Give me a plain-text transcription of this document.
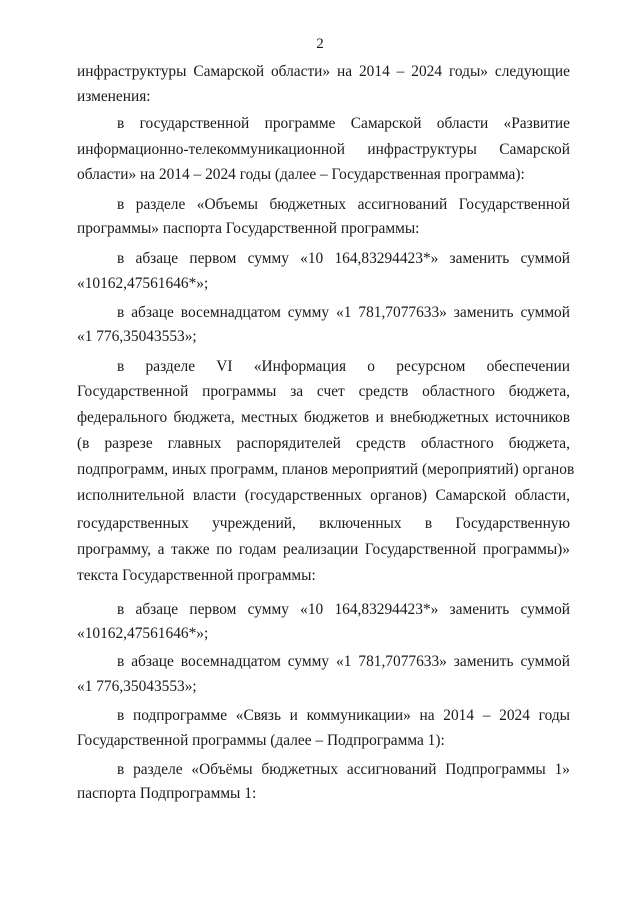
2
инфраструктуры Самарской области» на 2014 – 2024 годы» следующие
изменения:
в государственной программе Самарской области «Развитие
информационно-телекоммуникационной инфраструктуры Самарской
области» на 2014 – 2024 годы (далее – Государственная программа):
в разделе «Объемы бюджетных ассигнований Государственной
программы» паспорта Государственной программы:
в абзаце первом сумму «10 164,83294423*» заменить суммой
«10162,47561646*»;
в абзаце восемнадцатом сумму «1 781,7077633» заменить суммой
«1 776,35043553»;
в разделе VI «Информация о ресурсном обеспечении
Государственной программы за счет средств областного бюджета,
федерального бюджета, местных бюджетов и внебюджетных источников
(в разрезе главных распорядителей средств областного бюджета,
подпрограмм, иных программ, планов мероприятий (мероприятий) органов
исполнительной власти (государственных органов) Самарской области,
государственных учреждений, включенных в Государственную
программу, а также по годам реализации Государственной программы)»
текста Государственной программы:
в абзаце первом сумму «10 164,83294423*» заменить суммой
«10162,47561646*»;
в абзаце восемнадцатом сумму «1 781,7077633» заменить суммой
«1 776,35043553»;
в подпрограмме «Связь и коммуникации» на 2014 – 2024 годы
Государственной программы (далее – Подпрограмма 1):
в разделе «Объёмы бюджетных ассигнований Подпрограммы 1»
паспорта Подпрограммы 1:
